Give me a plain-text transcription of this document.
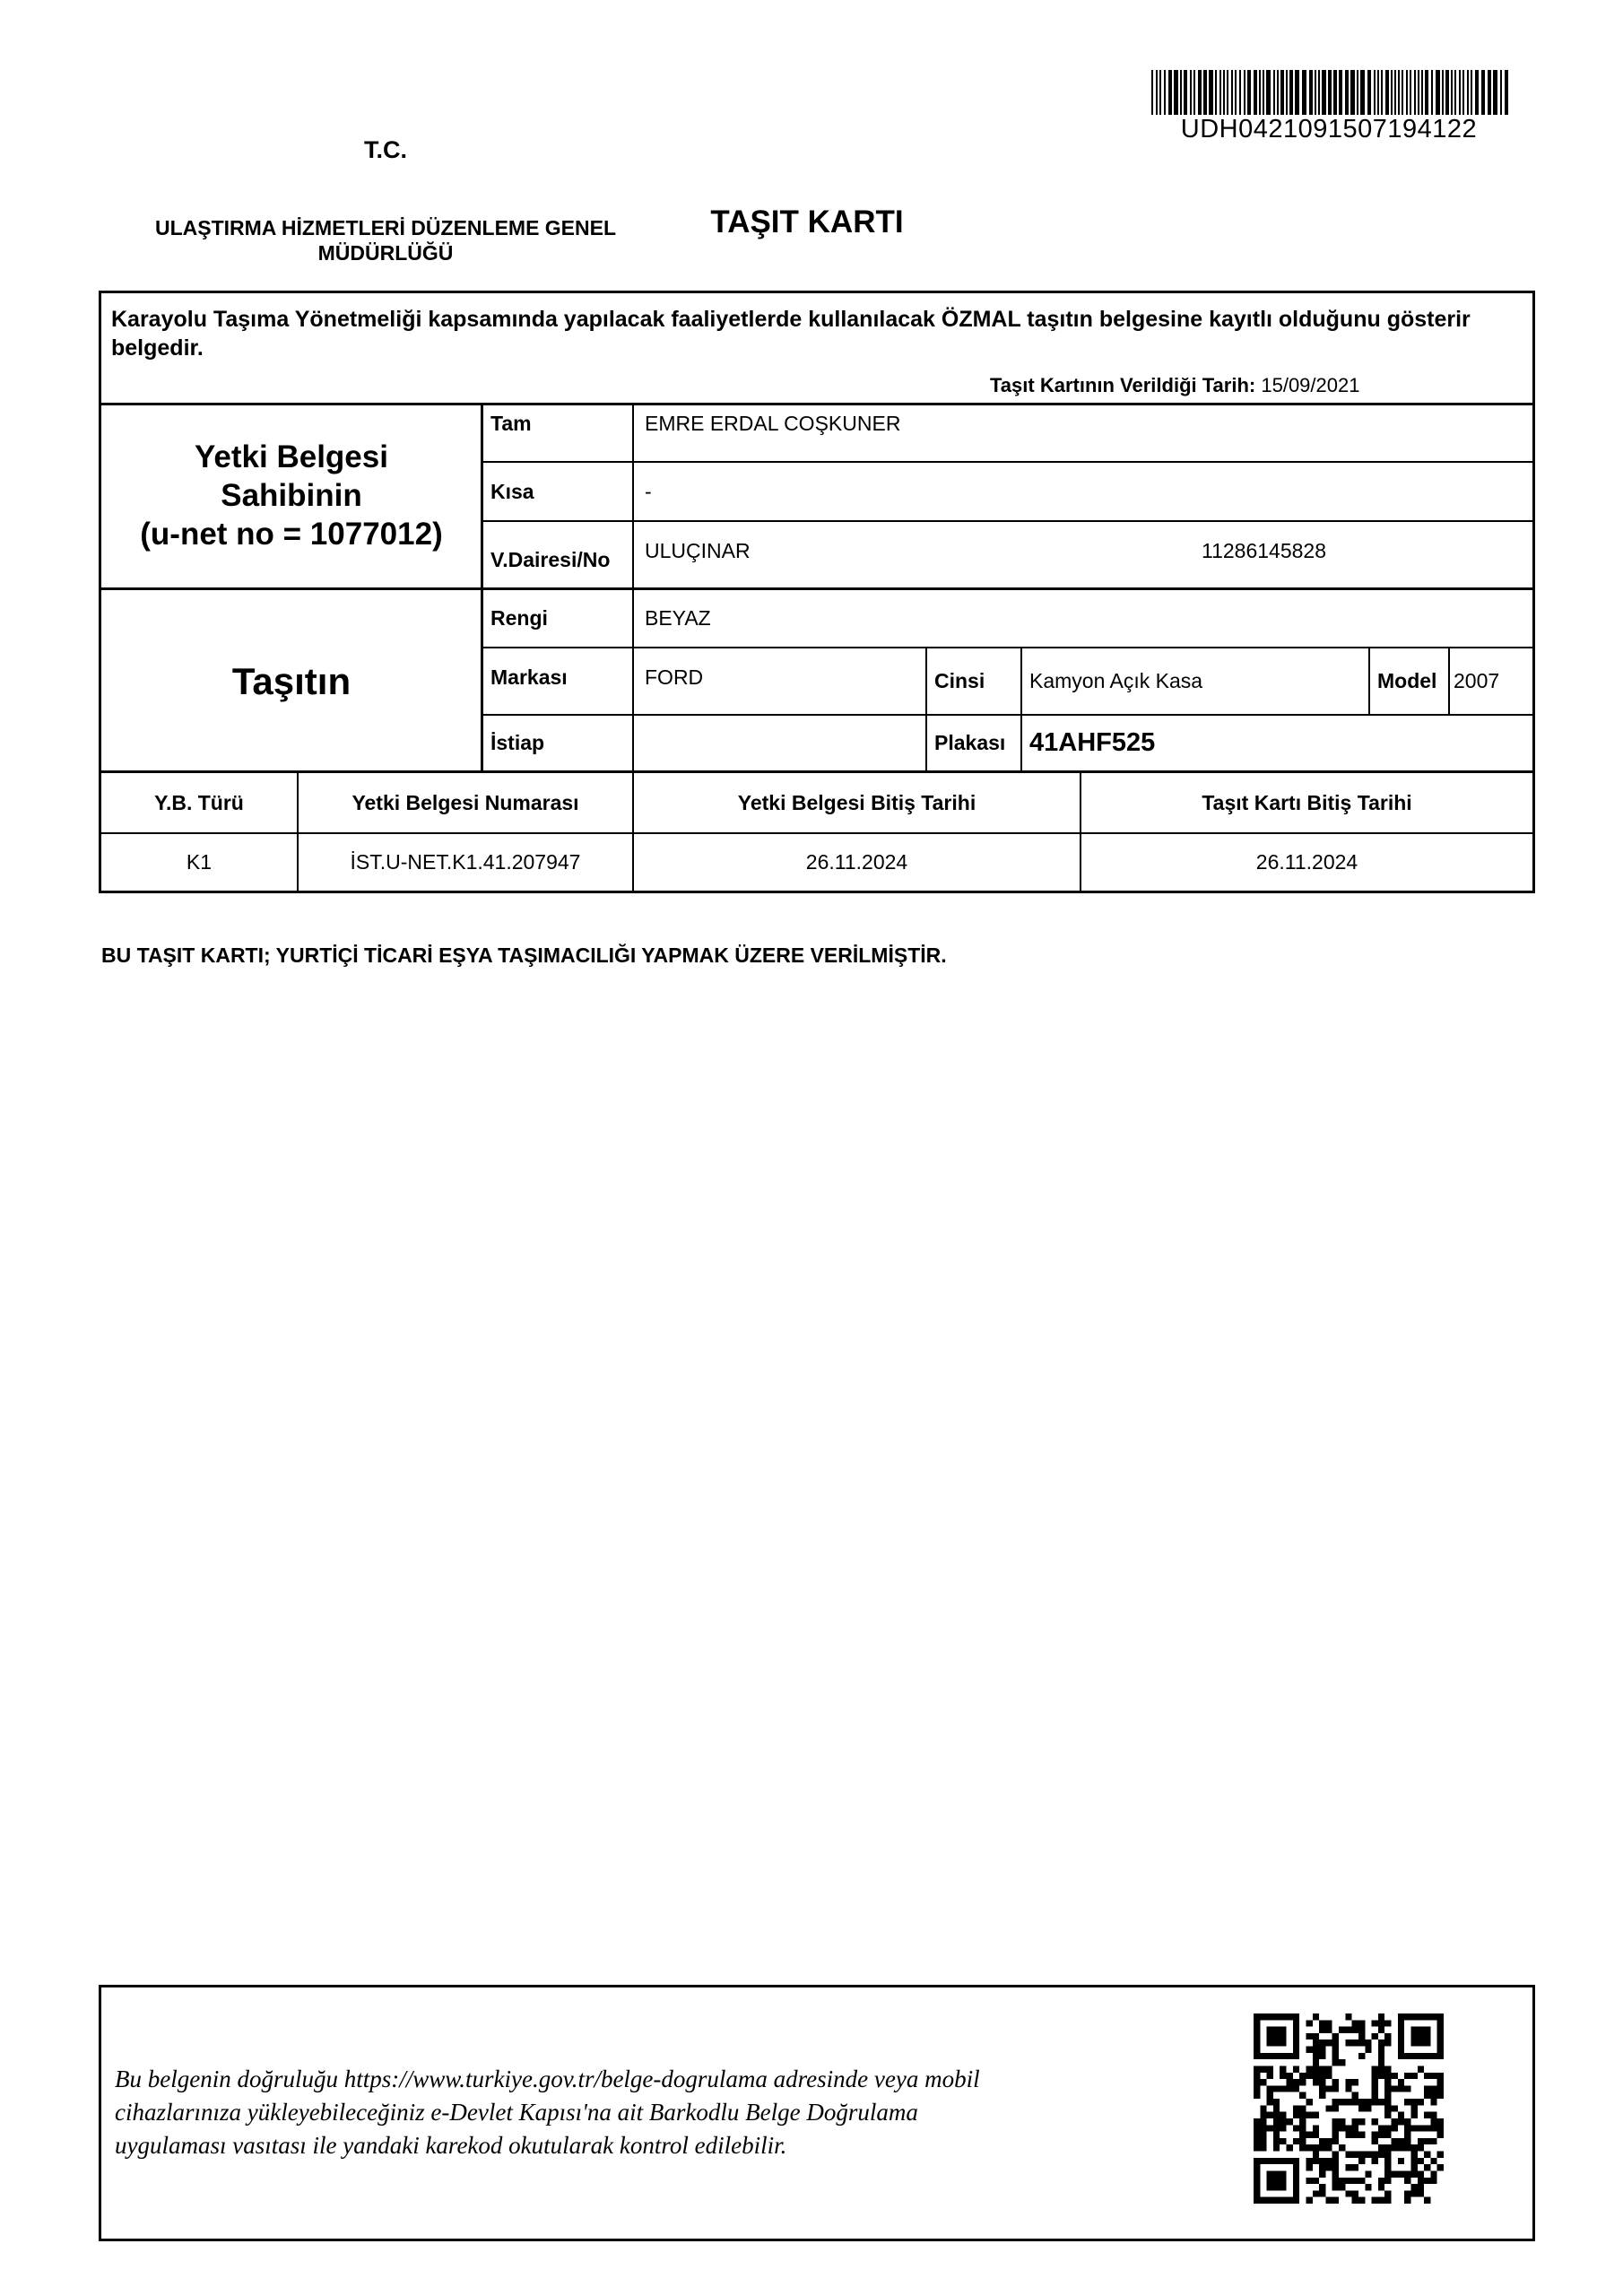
UDH0421091507194122
T.C.
ULAŞTIRMA HİZMETLERİ DÜZENLEME GENEL MÜDÜRLÜĞÜ
TAŞIT KARTI
Karayolu Taşıma Yönetmeliği kapsamında yapılacak faaliyetlerde kullanılacak ÖZMAL taşıtın belgesine kayıtlı olduğunu gösterir belgedir.
Taşıt Kartının Verildiği Tarih: 15/09/2021
Yetki Belgesi
Sahibinin
(u-net no = 1077012)
Tam	EMRE ERDAL COŞKUNER
Kısa	-
V.Dairesi/No	ULUÇINAR	11286145828
Taşıtın
Rengi	BEYAZ
Markası	FORD	Cinsi	Kamyon Açık Kasa	Model 2007
İstiap	Plakası 41AHF525
Y.B. Türü	Yetki Belgesi Numarası	Yetki Belgesi Bitiş Tarihi	Taşıt Kartı Bitiş Tarihi
K1	İST.U-NET.K1.41.207947	26.11.2024	26.11.2024
BU TAŞIT KARTI; YURTİÇİ TİCARİ EŞYA TAŞIMACILIĞI YAPMAK ÜZERE VERİLMİŞTİR.
Bu belgenin doğruluğu https://www.turkiye.gov.tr/belge-dogrulama adresinde veya mobil
cihazlarınıza yükleyebileceğiniz e-Devlet Kapısı'na ait Barkodlu Belge Doğrulama
uygulaması vasıtası ile yandaki karekod okutularak kontrol edilebilir.
